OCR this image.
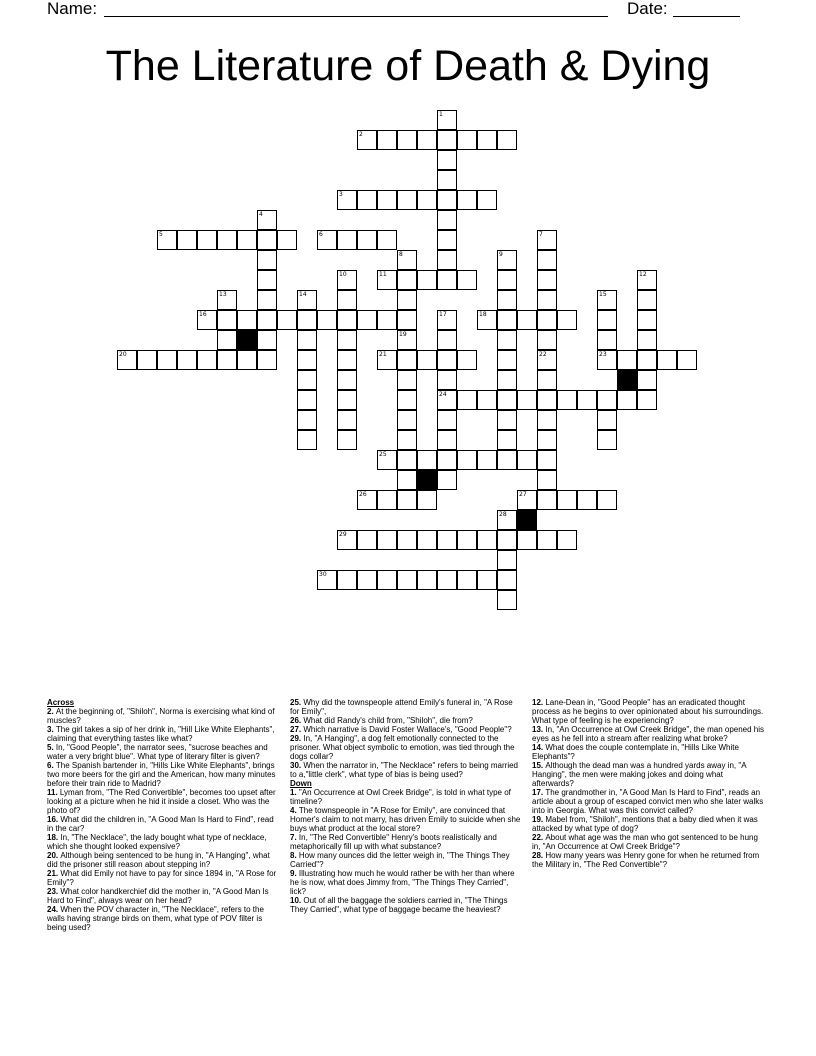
Name:	Date:
The Literature of Death & Dying
1
2
3
4
5	6	7
8	9
10	11	12
13	14	15
16	17	18
19
20	21	22	23
24
25
26	27
28
29
30

Across

2. At the beginning of, "Shiloh", Norma is exercising what kind of muscles?

3. The girl takes a sip of her drink in, "Hill Like White Elephants", claiming that everything tastes like what?

5. In, "Good People", the narrator sees, "sucrose beaches and water a very bright blue". What type of literary filter is given?

6. The Spanish bartender in, "Hills Like White Elephants", brings two more beers for the girl and the American, how many minutes before their train ride to Madrid?

11. Lyman from, "The Red Convertible", becomes too upset after looking at a picture when he hid it inside a closet. Who was the photo of?

16. What did the children in, "A Good Man Is Hard to Find", read in the car?

18. In, "The Necklace", the lady bought what type of necklace, which she thought looked expensive?

20. Although being sentenced to be hung in, "A Hanging", what did the prisoner still reason about stepping in?

21. What did Emily not have to pay for since 1894 in, "A Rose for Emily"?

23. What color handkerchief did the mother in, "A Good Man Is Hard to Find", always wear on her head?

24. When the POV character in, "The Necklace", refers to the walls having strange birds on them, what type of POV filter is being used?

25. Why did the townspeople attend Emily's funeral in, "A Rose for Emily",

26. What did Randy's child from, "Shiloh", die from?

27. Which narrative is David Foster Wallace's, "Good People"?

29. In, "A Hanging", a dog felt emotionally connected to the prisoner. What object symbolic to emotion, was tied through the dogs collar?

30. When the narrator in, "The Necklace" refers to being married to a,"little clerk", what type of bias is being used?

Down

1. "An Occurrence at Owl Creek Bridge", is told in what type of timeline?

4. The townspeople in "A Rose for Emily", are convinced that Homer's claim to not marry, has driven Emily to suicide when she buys what product at the local store?

7. In, "The Red Convertible" Henry's boots realistically and metaphorically fill up with what substance?

8. How many ounces did the letter weigh in, "The Things They Carried"?

9. Illustrating how much he would rather be with her than where he is now, what does Jimmy from, "The Things They Carried", lick?

10. Out of all the baggage the soldiers carried in, "The Things They Carried", what type of baggage became the heaviest?

12. Lane-Dean in, "Good People" has an eradicated thought process as he begins to over opinionated about his surroundings. What type of feeling is he experiencing?

13. In, "An Occurrence at Owl Creek Bridge", the man opened his eyes as he fell into a stream after realizing what broke?

14. What does the couple contemplate in, "Hills Like White Elephants"?

15. Although the dead man was a hundred yards away in, "A Hanging", the men were making jokes and doing what afterwards?

17. The grandmother in, "A Good Man Is Hard to Find", reads an article about a group of escaped convict men who she later walks into in Georgia. What was this convict called?

19. Mabel from, "Shiloh", mentions that a baby died when it was attacked by what type of dog?

22. About what age was the man who got sentenced to be hung in, "An Occurrence at Owl Creek Bridge"?

28. How many years was Henry gone for when he returned from the Military in, "The Red Convertible"?
